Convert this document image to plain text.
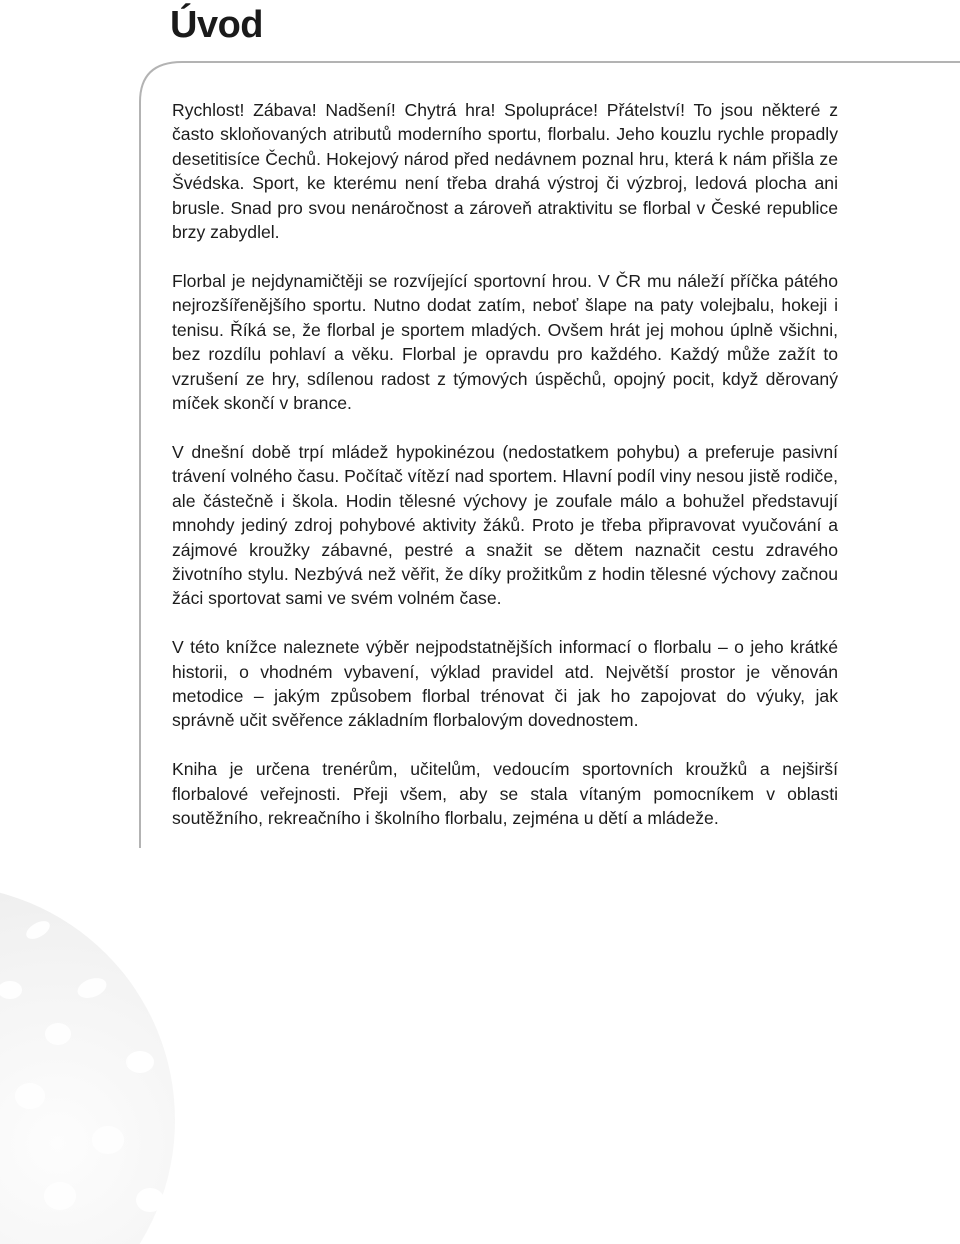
Úvod

Rychlost! Zábava! Nadšení! Chytrá hra! Spolupráce! Přátelství! To jsou některé z často skloňovaných atributů moderního sportu, florbalu. Jeho kouzlu rychle propadly desetitisíce Čechů. Hokejový národ před nedávnem poznal hru, která k nám přišla ze Švédska. Sport, ke kterému není třeba drahá výstroj či výzbroj, ledová plocha ani brusle. Snad pro svou nenáročnost a zároveň atraktivitu se florbal v České republice brzy zabydlel.

Florbal je nejdynamičtěji se rozvíjející sportovní hrou. V ČR mu náleží příčka pátého nejrozšířenějšího sportu. Nutno dodat zatím, neboť šlape na paty volejbalu, hokeji i tenisu. Říká se, že florbal je sportem mladých. Ovšem hrát jej mohou úplně všichni, bez rozdílu pohlaví a věku. Florbal je opravdu pro každého. Každý může zažít to vzrušení ze hry, sdílenou radost z týmových úspěchů, opojný pocit, když děrovaný míček skončí v brance.

V dnešní době trpí mládež hypokinézou (nedostatkem pohybu) a preferuje pasivní trávení volného času. Počítač vítězí nad sportem. Hlavní podíl viny nesou jistě rodiče, ale částečně i škola. Hodin tělesné výchovy je zoufale málo a bohužel představují mnohdy jediný zdroj pohybové aktivity žáků. Proto je třeba připravovat vyučování a zájmové kroužky zábavné, pestré a snažit se dětem naznačit cestu zdravého životního stylu. Nezbývá než věřit, že díky prožitkům z hodin tělesné výchovy začnou žáci sportovat sami ve svém volném čase.

V této knížce naleznete výběr nejpodstatnějších informací o florbalu – o jeho krátké historii, o vhodném vybavení, výklad pravidel atd. Největší prostor je věnován metodice – jakým způsobem florbal trénovat či jak ho zapojovat do výuky, jak správně učit svěřence základním florbalovým dovednostem.

Kniha je určena trenérům, učitelům, vedoucím sportovních kroužků a nejširší florbalové veřejnosti. Přeji všem, aby se stala vítaným pomocníkem v oblasti soutěžního, rekreačního i školního florbalu, zejména u dětí a mládeže.
